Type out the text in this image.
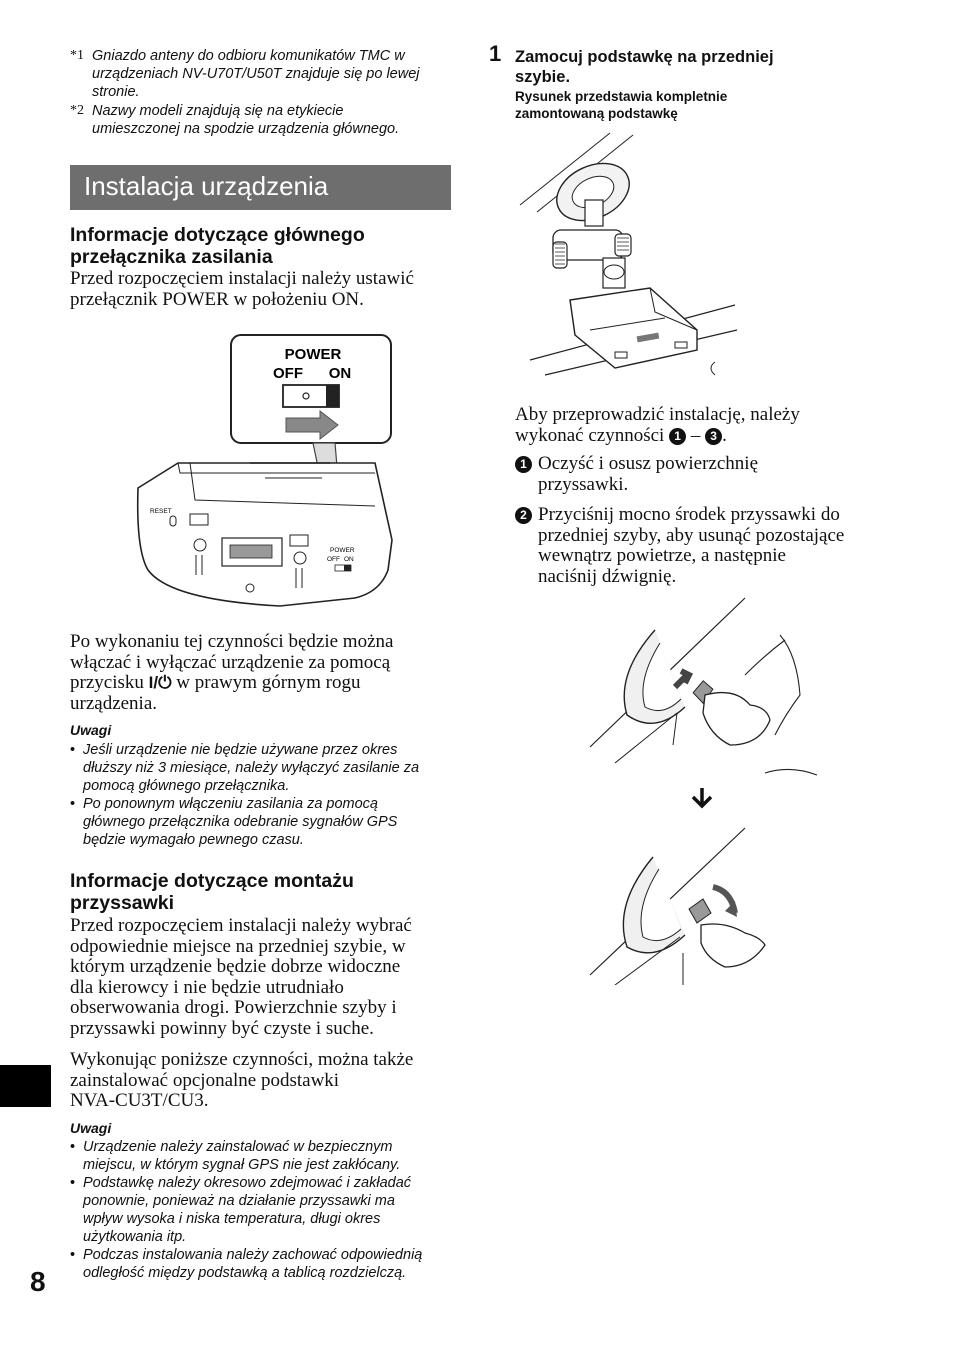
*1 Gniazdo anteny do odbioru komunikatów TMC w
urządzeniach NV-U70T/U50T znajduje się po lewej
stronie.
*2 Nazwy modeli znajdują się na etykiecie
umieszczonej na spodzie urządzenia głównego.
Instalacja urządzenia
Informacje dotyczące głównego
przełącznika zasilania
Przed rozpoczęciem instalacji należy ustawić
przełącznik POWER w położeniu ON.
POWER
OFF ON
RESET
POWER
OFF ON
Po wykonaniu tej czynności będzie można
włączać i wyłączać urządzenie za pomocą
przycisku I/⏻ w prawym górnym rogu
urządzenia.
Uwagi
• Jeśli urządzenie nie będzie używane przez okres
dłuższy niż 3 miesiące, należy wyłączyć zasilanie za
pomocą głównego przełącznika.
• Po ponownym włączeniu zasilania za pomocą
głównego przełącznika odebranie sygnałów GPS
będzie wymagało pewnego czasu.
Informacje dotyczące montażu
przyssawki
Przed rozpoczęciem instalacji należy wybrać
odpowiednie miejsce na przedniej szybie, w
którym urządzenie będzie dobrze widoczne
dla kierowcy i nie będzie utrudniało
obserwowania drogi. Powierzchnie szyby i
przyssawki powinny być czyste i suche.
Wykonując poniższe czynności, można także
zainstalować opcjonalne podstawki
NVA-CU3T/CU3.
Uwagi
• Urządzenie należy zainstalować w bezpiecznym
miejscu, w którym sygnał GPS nie jest zakłócany.
• Podstawkę należy okresowo zdejmować i zakładać
ponownie, ponieważ na działanie przyssawki ma
wpływ wysoka i niska temperatura, długi okres
użytkowania itp.
• Podczas instalowania należy zachować odpowiednią
odległość między podstawką a tablicą rozdzielczą.
8
1 Zamocuj podstawkę na przedniej
szybie.
Rysunek przedstawia kompletnie
zamontowaną podstawkę
Aby przeprowadzić instalację, należy
wykonać czynności 1 – 3 .
1 Oczyść i osusz powierzchnię
przyssawki.
2 Przyciśnij mocno środek przyssawki do
przedniej szyby, aby usunąć pozostające
wewnątrz powietrze, a następnie
naciśnij dźwignię.
